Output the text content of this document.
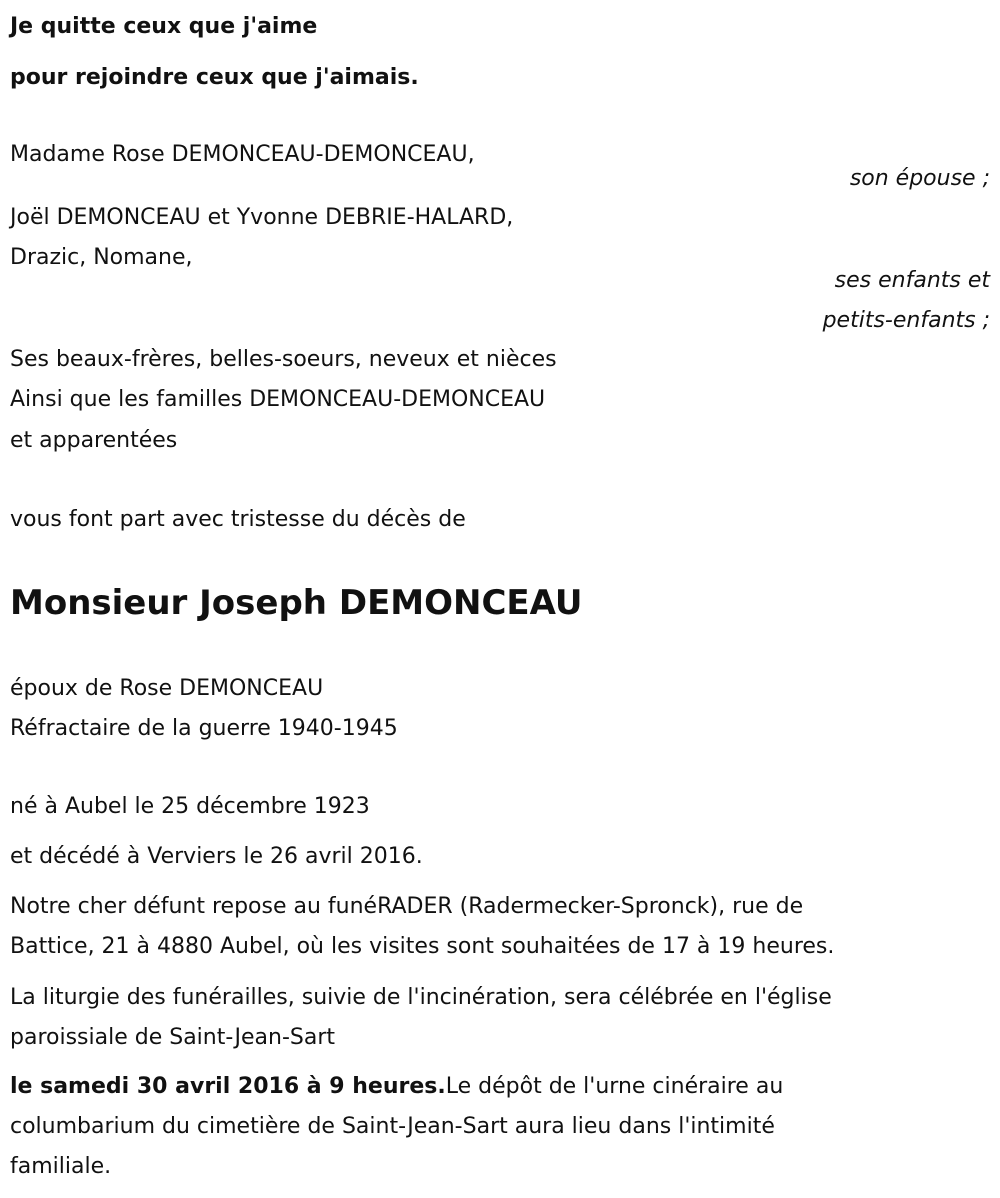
Je quitte ceux que j'aime
pour rejoindre ceux que j'aimais.
Madame Rose DEMONCEAU-DEMONCEAU,
son épouse ;
Joël DEMONCEAU et Yvonne DEBRIE-HALARD,
Drazic, Nomane,
ses enfants et
petits-enfants ;
Ses beaux-frères, belles-soeurs, neveux et nièces
Ainsi que les familles DEMONCEAU-DEMONCEAU
et apparentées
vous font part avec tristesse du décès de
Monsieur Joseph DEMONCEAU
époux de Rose DEMONCEAU
Réfractaire de la guerre 1940-1945
né à Aubel le 25 décembre 1923
et décédé à Verviers le 26 avril 2016.
Notre cher défunt repose au funéRADER (Radermecker-Spronck), rue de
Battice, 21 à 4880 Aubel, où les visites sont souhaitées de 17 à 19 heures.
La liturgie des funérailles, suivie de l'incinération, sera célébrée en l'église
paroissiale de Saint-Jean-Sart
le samedi 30 avril 2016 à 9 heures.Le dépôt de l'urne cinéraire au
columbarium du cimetière de Saint-Jean-Sart aura lieu dans l'intimité
familiale.
